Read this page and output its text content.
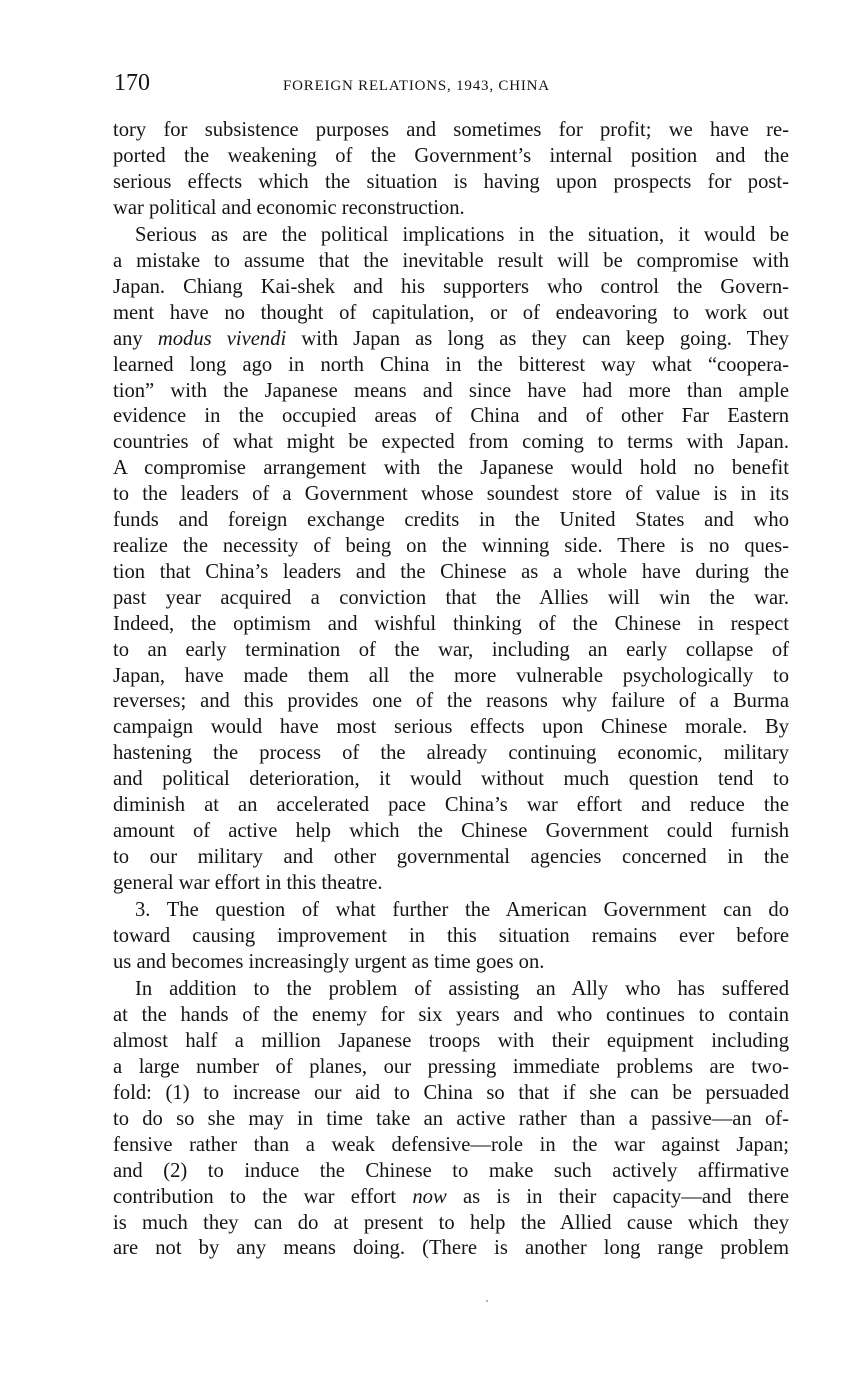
170	FOREIGN RELATIONS, 1943, CHINA
tory for subsistence purposes and sometimes for profit; we have re-
ported the weakening of the Government’s internal position and the
serious effects which the situation is having upon prospects for post-
war political and economic reconstruction.
Serious as are the political implications in the situation, it would be
a mistake to assume that the inevitable result will be compromise with
Japan. Chiang Kai-shek and his supporters who control the Govern-
ment have no thought of capitulation, or of endeavoring to work out
any modus vivendi with Japan as long as they can keep going. They
learned long ago in north China in the bitterest way what “coopera-
tion” with the Japanese means and since have had more than ample
evidence in the occupied areas of China and of other Far Eastern
countries of what might be expected from coming to terms with Japan.
A compromise arrangement with the Japanese would hold no benefit
to the leaders of a Government whose soundest store of value is in its
funds and foreign exchange credits in the United States and who
realize the necessity of being on the winning side. There is no ques-
tion that China’s leaders and the Chinese as a whole have during the
past year acquired a conviction that the Allies will win the war.
Indeed, the optimism and wishful thinking of the Chinese in respect
to an early termination of the war, including an early collapse of
Japan, have made them all the more vulnerable psychologically to
reverses; and this provides one of the reasons why failure of a Burma
campaign would have most serious effects upon Chinese morale. By
hastening the process of the already continuing economic, military
and political deterioration, it would without much question tend to
diminish at an accelerated pace China’s war effort and reduce the
amount of active help which the Chinese Government could furnish
to our military and other governmental agencies concerned in the
general war effort in this theatre.
3. The question of what further the American Government can do
toward causing improvement in this situation remains ever before
us and becomes increasingly urgent as time goes on.
In addition to the problem of assisting an Ally who has suffered
at the hands of the enemy for six years and who continues to contain
almost half a million Japanese troops with their equipment including
a large number of planes, our pressing immediate problems are two-
fold: (1) to increase our aid to China so that if she can be persuaded
to do so she may in time take an active rather than a passive—an of-
fensive rather than a weak defensive—role in the war against Japan;
and (2) to induce the Chinese to make such actively affirmative
contribution to the war effort now as is in their capacity—and there
is much they can do at present to help the Allied cause which they
are not by any means doing. (There is another long range problem
